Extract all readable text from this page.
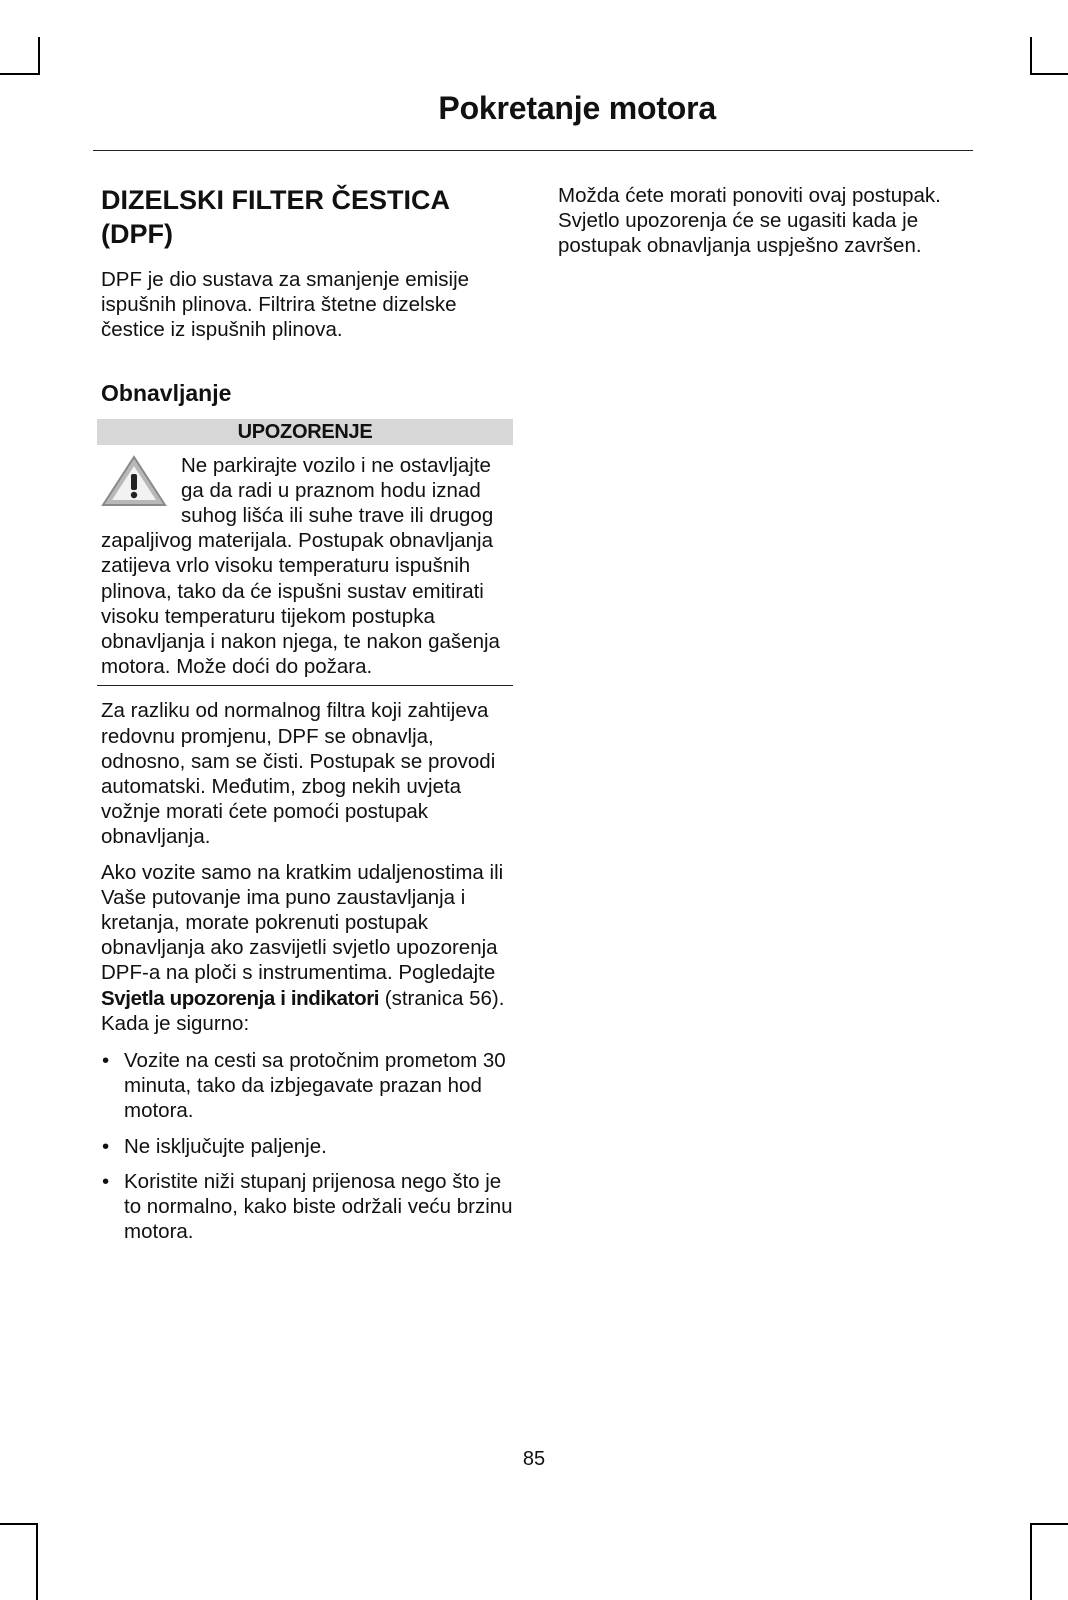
Pokretanje motora
DIZELSKI FILTER ČESTICA (DPF)

DPF je dio sustava za smanjenje emisije ispušnih plinova. Filtrira štetne dizelske čestice iz ispušnih plinova.

Obnavljanje
UPOZORENJE
Ne parkirajte vozilo i ne ostavljajte ga da radi u praznom hodu iznad suhog lišća ili suhe trave ili drugog zapaljivog materijala. Postupak obnavljanja zatijeva vrlo visoku temperaturu ispušnih plinova, tako da će ispušni sustav emitirati visoku temperaturu tijekom postupka obnavljanja i nakon njega, te nakon gašenja motora. Može doći do požara.

Za razliku od normalnog filtra koji zahtijeva redovnu promjenu, DPF se obnavlja, odnosno, sam se čisti. Postupak se provodi automatski. Međutim, zbog nekih uvjeta vožnje morati ćete pomoći postupak obnavljanja.

Ako vozite samo na kratkim udaljenostima ili Vaše putovanje ima puno zaustavljanja i kretanja, morate pokrenuti postupak obnavljanja ako zasvijetli svjetlo upozorenja DPF-a na ploči s instrumentima. Pogledajte Svjetla upozorenja i indikatori (stranica 56). Kada je sigurno:

• Vozite na cesti sa protočnim prometom 30 minuta, tako da izbjegavate prazan hod motora.
• Ne isključujte paljenje.
• Koristite niži stupanj prijenosa nego što je to normalno, kako biste održali veću brzinu motora.

Možda ćete morati ponoviti ovaj postupak. Svjetlo upozorenja će se ugasiti kada je postupak obnavljanja uspješno završen.

85
